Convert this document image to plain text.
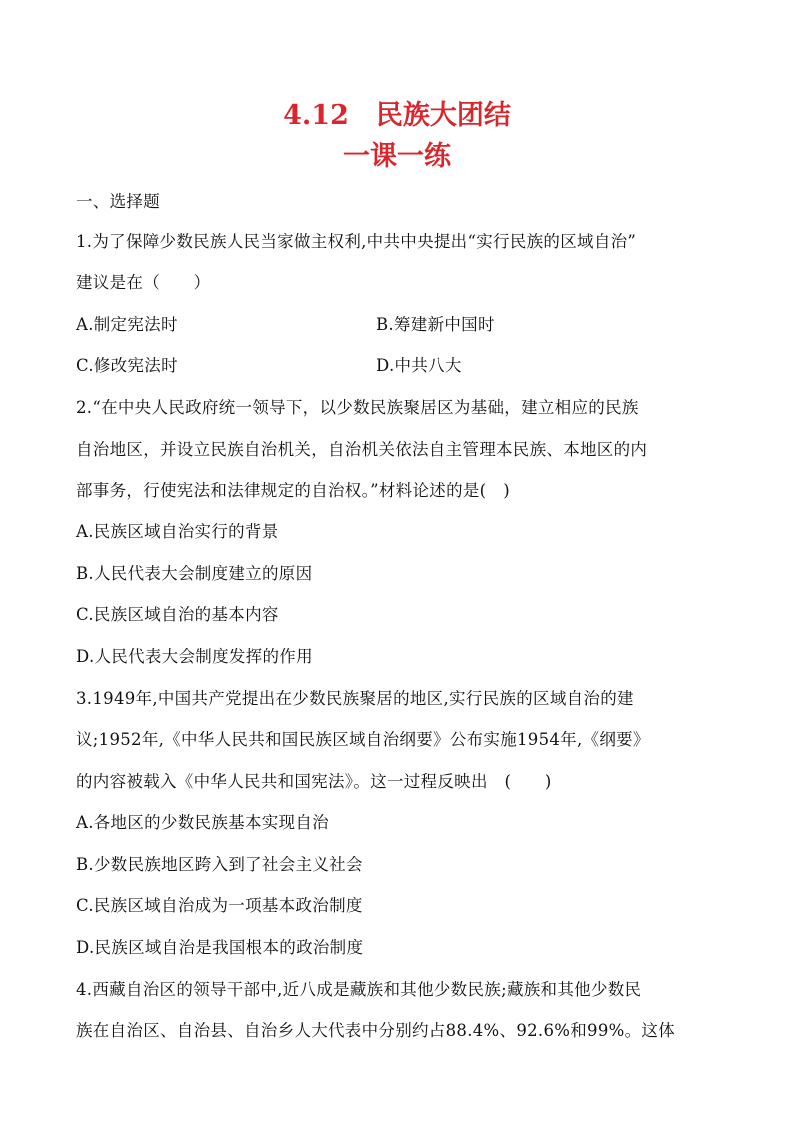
4.12　民族大团结
一课一练
一、选择题
1.为了保障少数民族人民当家做主权利,中共中央提出“实行民族的区域自治”
建议是在（　　）
A.制定宪法时	B.筹建新中国时
C.修改宪法时	D.中共八大
2.“在中央人民政府统一领导下，以少数民族聚居区为基础，建立相应的民族
自治地区，并设立民族自治机关，自治机关依法自主管理本民族、本地区的内
部事务，行使宪法和法律规定的自治权。”材料论述的是(　)
A.民族区域自治实行的背景
B.人民代表大会制度建立的原因
C.民族区域自治的基本内容
D.人民代表大会制度发挥的作用
3.1949年,中国共产党提出在少数民族聚居的地区,实行民族的区域自治的建
议;1952年,《中华人民共和国民族区域自治纲要》公布实施1954年,《纲要》
的内容被载入《中华人民共和国宪法》。这一过程反映出　(　　)
A.各地区的少数民族基本实现自治
B.少数民族地区跨入到了社会主义社会
C.民族区域自治成为一项基本政治制度
D.民族区域自治是我国根本的政治制度
4.西藏自治区的领导干部中,近八成是藏族和其他少数民族;藏族和其他少数民
族在自治区、自治县、自治乡人大代表中分别约占88.4%、92.6%和99%。这体
